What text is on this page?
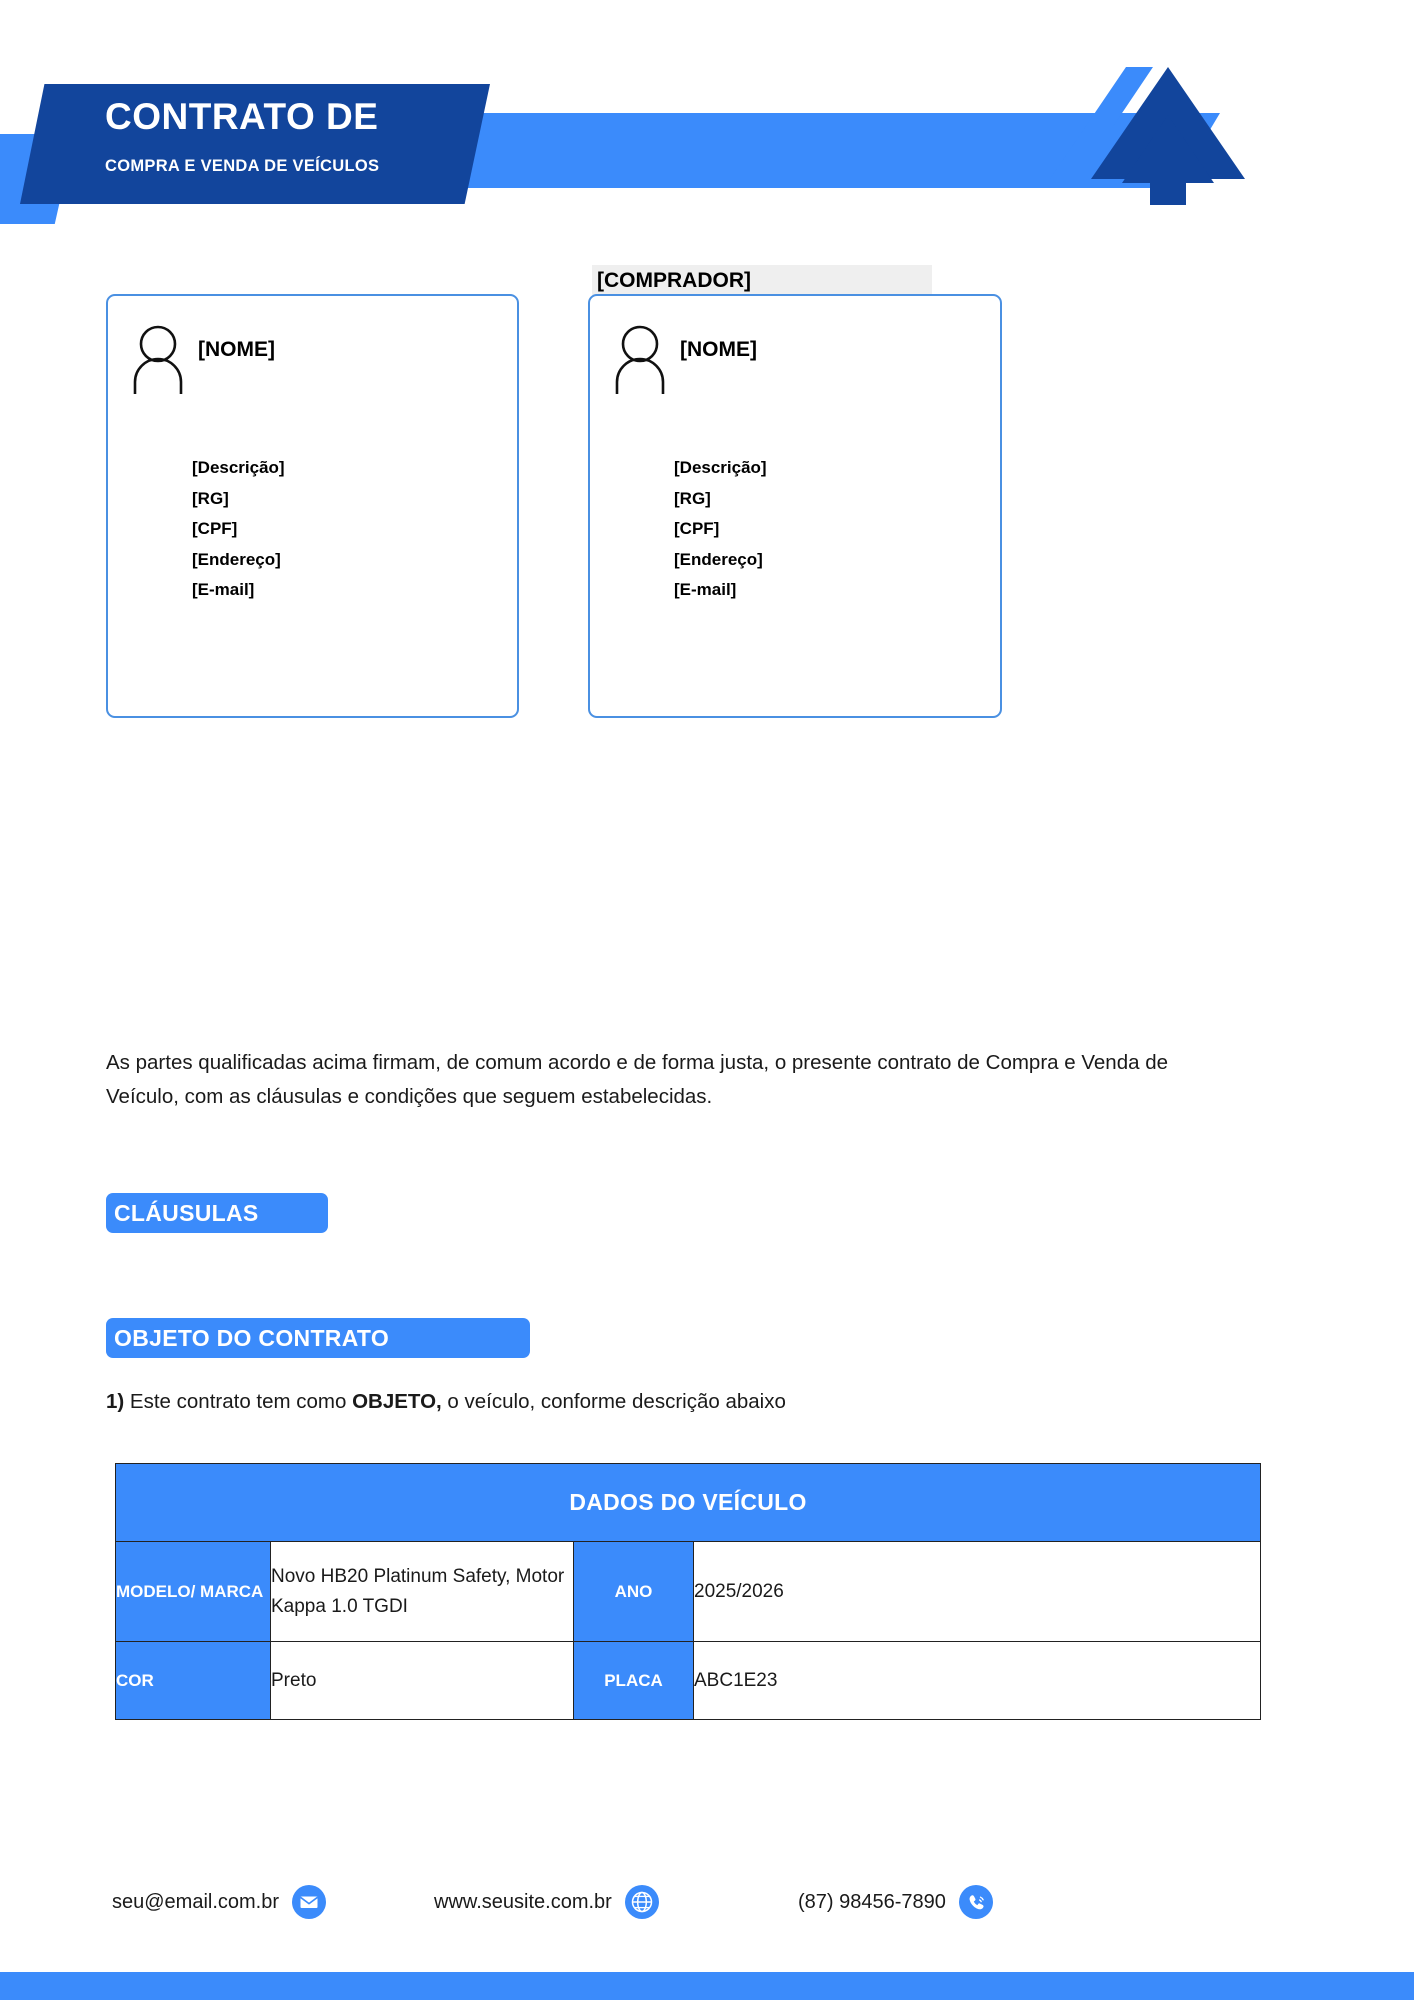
CONTRATO DE
COMPRA E VENDA DE VEÍCULOS
[NOME]
[Descrição]
[RG]
[CPF]
[Endereço]
[E-mail]
[COMPRADOR]
[NOME]
[Descrição]
[RG]
[CPF]
[Endereço]
[E-mail]

As partes qualificadas acima firmam, de comum acordo e de forma justa, o presente contrato de Compra e Venda de Veículo, com as cláusulas e condições que seguem estabelecidas.

CLÁUSULAS
OBJETO DO CONTRATO
1) Este contrato tem como OBJETO, o veículo, conforme descrição abaixo
DADOS DO VEÍCULO			
MODELO/ MARCA	Novo HB20 Platinum Safety, Motor Kappa 1.0 TGDI	ANO	2025/2026
COR	Preto	PLACA	ABC1E23
seu@email.com.br	www.seusite.com.br	(87) 98456-7890
